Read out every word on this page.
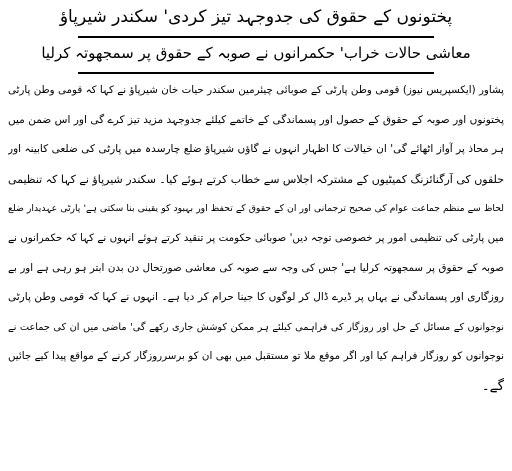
پختونوں کے حقوق کی جدوجہد تیز کردی' سکندر شیرپاؤ
معاشی حالات خراب' حکمرانوں نے صوبہ کے حقوق پر سمجھوتہ کرلیا
پشاور (ایکسپریس نیوز) قومی وطن پارٹی کے صوبائی چیئرمین سکندر حیات خان شیرپاؤ نے کہا کہ قومی وطن پارٹی
پختونوں اور صوبہ کے حقوق کے حصول اور پسماندگی کے خاتمے کیلئے جدوجہد مزید تیز کرے گی اور اس ضمن میں
ہر محاذ پر آواز اٹھائے گی' ان خیالات کا اظہار انہوں نے گاؤں شیرپاؤ ضلع چارسدہ میں پارٹی کی ضلعی کابینہ اور
حلقوں کی آرگنائزنگ کمیٹیوں کے مشترکہ اجلاس سے خطاب کرتے ہوئے کیا۔ سکندر شیرپاؤ نے کہا کہ تنظیمی
لحاظ سے منظم جماعت عوام کی صحیح ترجمانی اور ان کے حقوق کے تحفظ اور بہبود کو یقینی بنا سکتی ہے' پارٹی عہدیدار ضلع
میں پارٹی کی تنظیمی امور پر خصوصی توجہ دیں' صوبائی حکومت پر تنقید کرتے ہوئے انہوں نے کہا کہ حکمرانوں نے
صوبہ کے حقوق پر سمجھوتہ کرلیا ہے' جس کی وجہ سے صوبہ کی معاشی صورتحال دن بدن ابتر ہو رہی ہے اور بے
روزگاری اور پسماندگی نے یہاں پر ڈیرے ڈال کر لوگوں کا جینا حرام کر دیا ہے۔ انہوں نے کہا کہ قومی وطن پارٹی
نوجوانوں کے مسائل کے حل اور روزگار کی فراہمی کیلئے ہر ممکن کوشش جاری رکھے گی' ماضی میں ان کی جماعت نے
نوجوانوں کو روزگار فراہم کیا اور اگر موقع ملا تو مستقبل میں بھی ان کو برسرروزگار کرنے کے مواقع پیدا کیے جائیں
گے۔
